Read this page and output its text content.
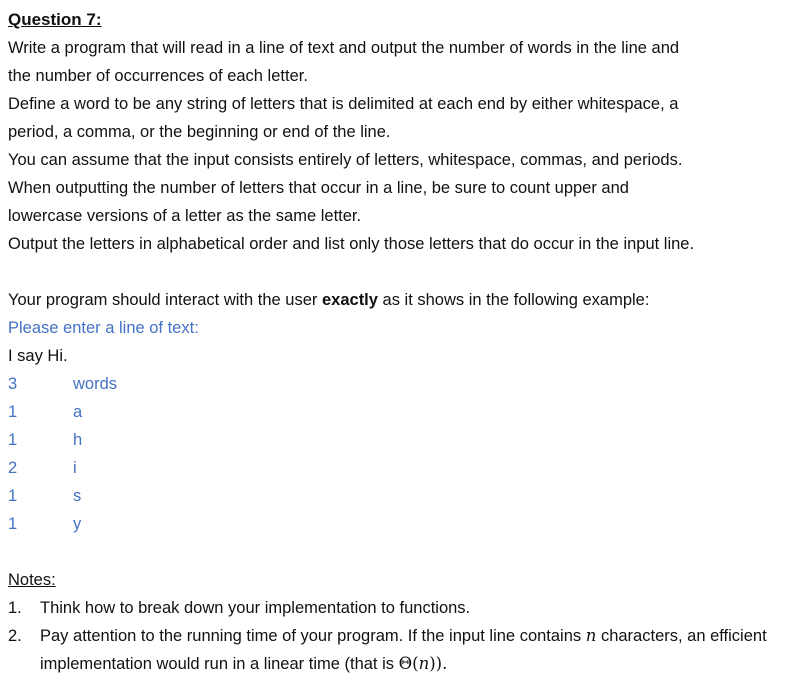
Question 7:

Write a program that will read in a line of text and output the number of words in the line and

the number of occurrences of each letter.

Define a word to be any string of letters that is delimited at each end by either whitespace, a

period, a comma, or the beginning or end of the line.

You can assume that the input consists entirely of letters, whitespace, commas, and periods.

When outputting the number of letters that occur in a line, be sure to count upper and

lowercase versions of a letter as the same letter.

Output the letters in alphabetical order and list only those letters that do occur in the input line.

Your program should interact with the user exactly as it shows in the following example:

Please enter a line of text:

I say Hi.

3	words
1	a
1	h
2	i
1	s
1	y

Notes:

1.	Think how to break down your implementation to functions.
2.	Pay attention to the running time of your program. If the input line contains n characters, an efficient implementation would run in a linear time (that is Θ(n)).
